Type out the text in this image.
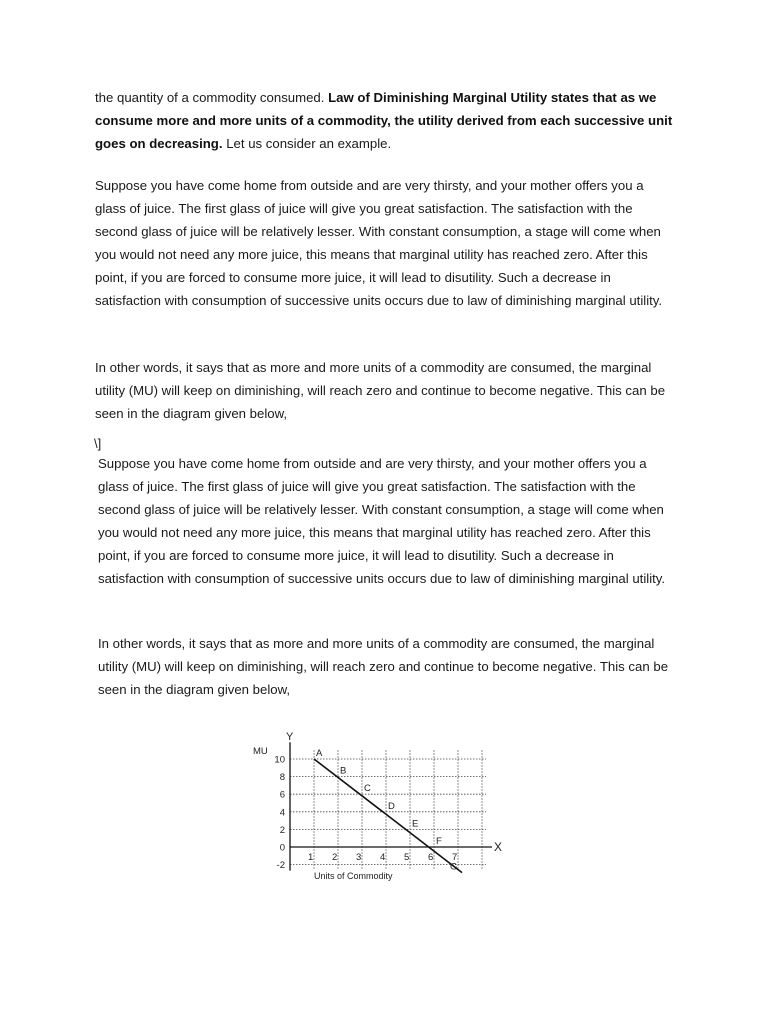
the quantity of a commodity consumed. Law of Diminishing Marginal Utility states that as we consume more and more units of a commodity, the utility derived from each successive unit goes on decreasing. Let us consider an example.

Suppose you have come home from outside and are very thirsty, and your mother offers you a glass of juice. The first glass of juice will give you great satisfaction. The satisfaction with the second glass of juice will be relatively lesser. With constant consumption, a stage will come when you would not need any more juice, this means that marginal utility has reached zero. After this point, if you are forced to consume more juice, it will lead to disutility. Such a decrease in satisfaction with consumption of successive units occurs due to law of diminishing marginal utility.

In other words, it says that as more and more units of a commodity are consumed, the marginal utility (MU) will keep on diminishing, will reach zero and continue to become negative. This can be seen in the diagram given below,

\]

Suppose you have come home from outside and are very thirsty, and your mother offers you a glass of juice. The first glass of juice will give you great satisfaction. The satisfaction with the second glass of juice will be relatively lesser. With constant consumption, a stage will come when you would not need any more juice, this means that marginal utility has reached zero. After this point, if you are forced to consume more juice, it will lead to disutility. Such a decrease in satisfaction with consumption of successive units occurs due to law of diminishing marginal utility.

In other words, it says that as more and more units of a commodity are consumed, the marginal utility (MU) will keep on diminishing, will reach zero and continue to become negative. This can be seen in the diagram given below,

Y
X
MU
10
8
6
4
2
0
-2
1 2 3 4 5 6 7
Units of Commodity
A
B
C
D
E
F
G
